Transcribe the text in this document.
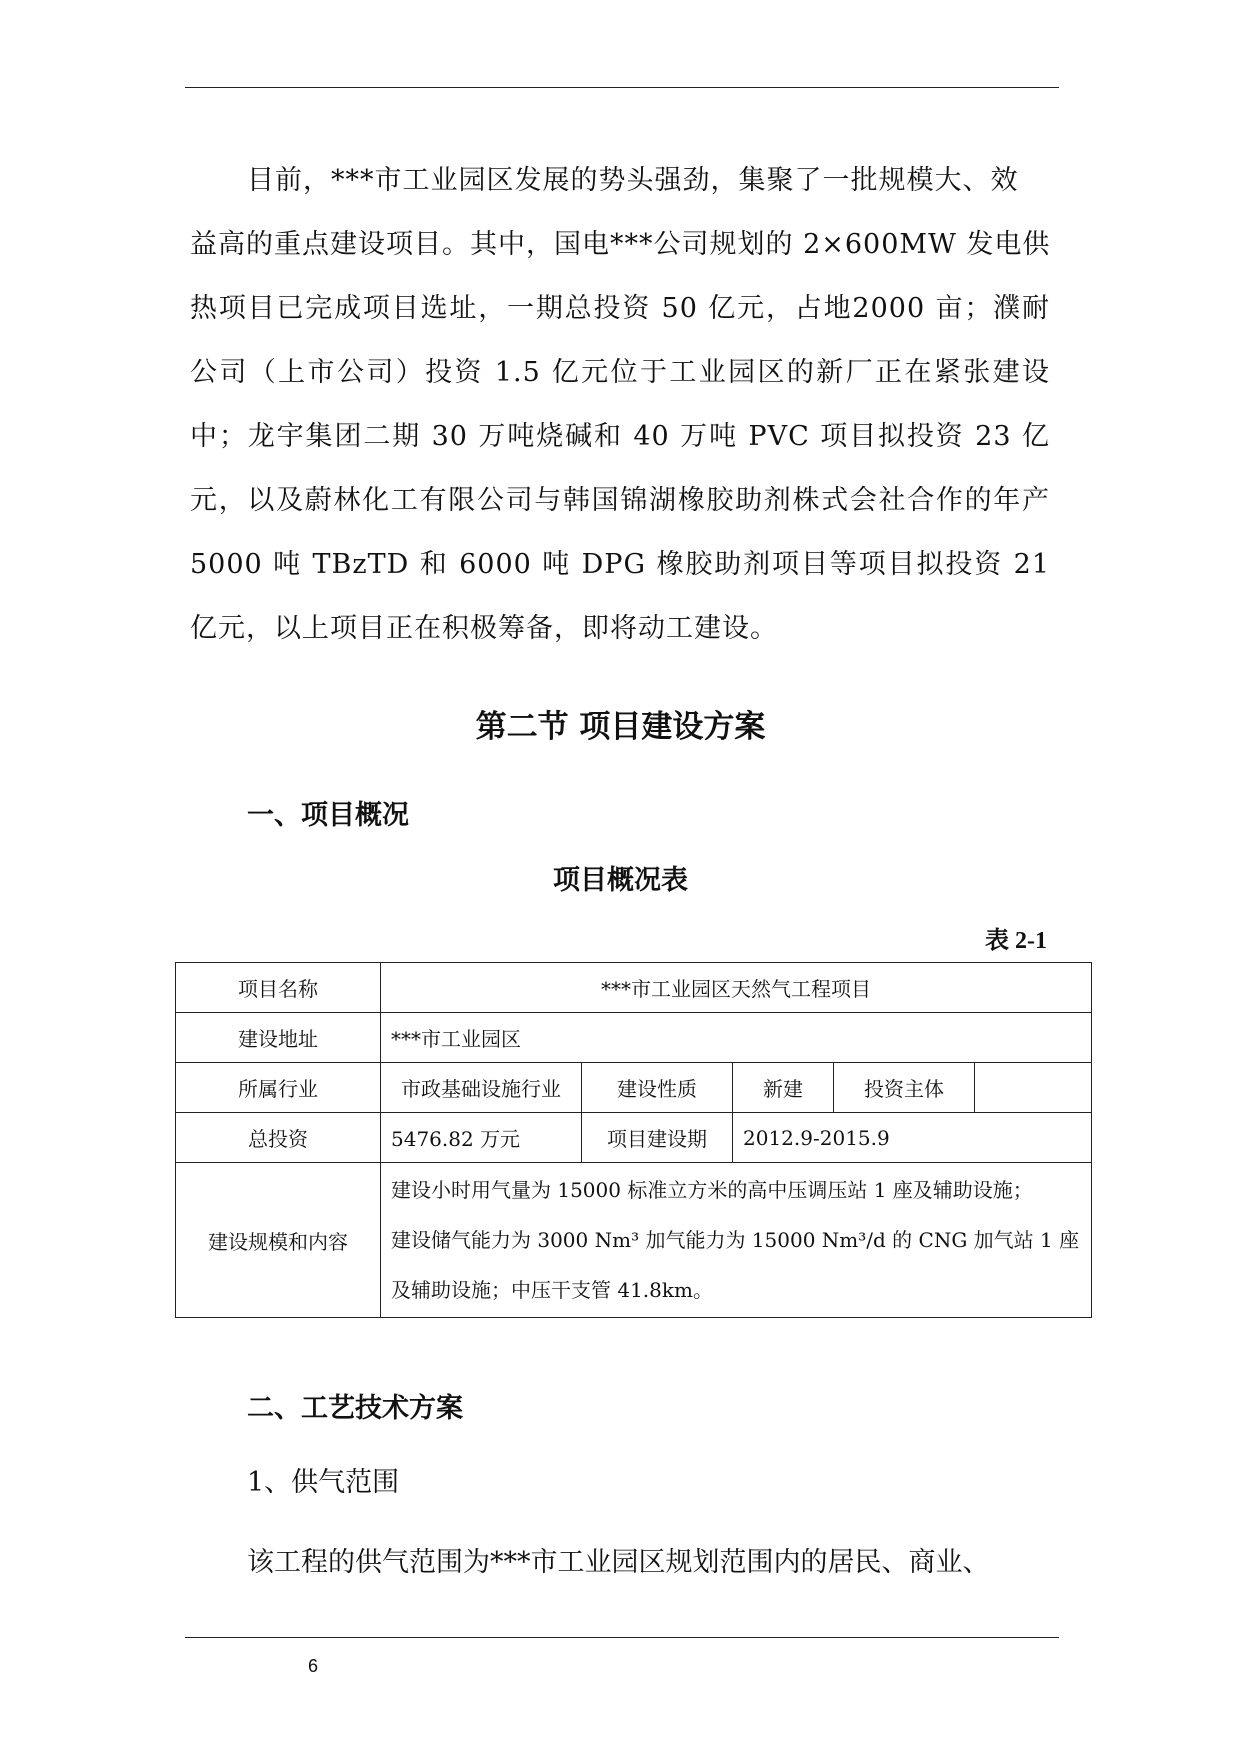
目前，***市工业园区发展的势头强劲，集聚了一批规模大、效
益高的重点建设项目。其中，国电***公司规划的 2×600MW 发电供
热项目已完成项目选址，一期总投资 50 亿元，占地2000 亩；濮耐
公司（上市公司）投资 1.5 亿元位于工业园区的新厂正在紧张建设
中；龙宇集团二期 30 万吨烧碱和 40 万吨 PVC 项目拟投资 23 亿
元，以及蔚林化工有限公司与韩国锦湖橡胶助剂株式会社合作的年产
5000 吨 TBzTD 和 6000 吨 DPG 橡胶助剂项目等项目拟投资 21
亿元，以上项目正在积极筹备，即将动工建设。
第二节 项目建设方案
一、项目概况
项目概况表
表 2-1
项目名称	***市工业园区天然气工程项目				
建设地址	***市工业园区				
所属行业	市政基础设施行业	建设性质	新建	投资主体	
总投资	5476.82 万元	项目建设期	2012.9-2015.9		
建设规模和内容	建设小时用气量为 15000 标准立方米的高中压调压站 1 座及辅助设施；
建设储气能力为 3000 Nm³ 加气能力为 15000 Nm³/d 的 CNG 加气站 1 座
及辅助设施；中压干支管 41.8km。				
二、工艺技术方案
1、供气范围
该工程的供气范围为***市工业园区规划范围内的居民、商业、
6
